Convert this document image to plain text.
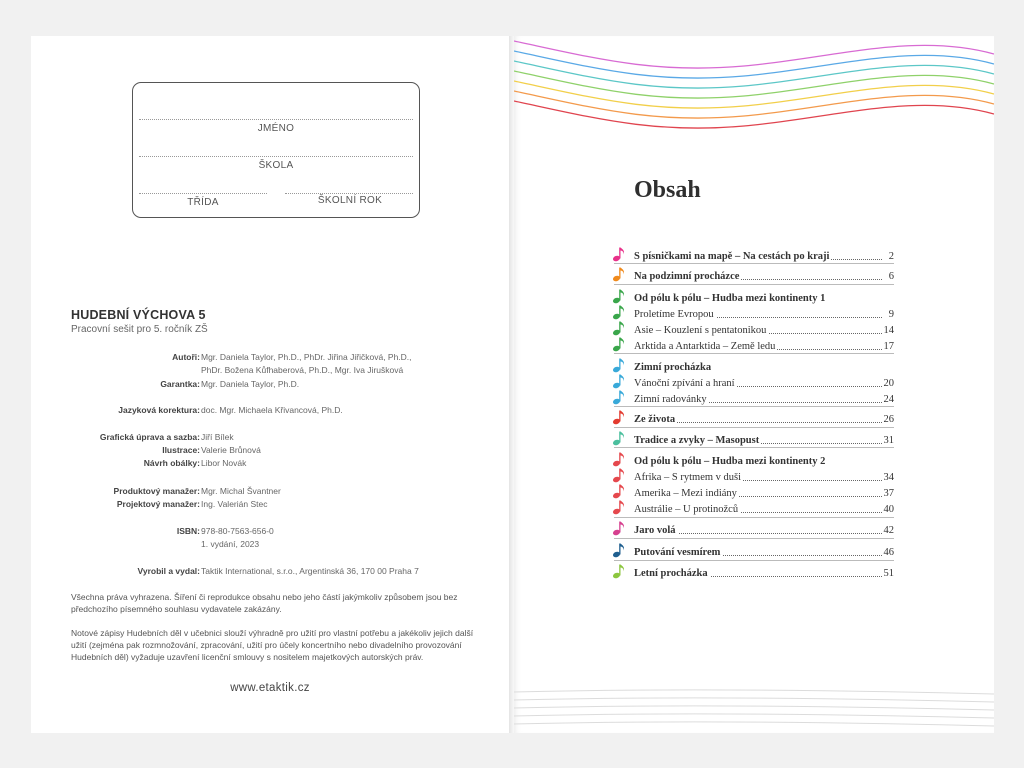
JMÉNO
ŠKOLA
TŘÍDA	ŠKOLNÍ ROK
HUDEBNÍ VÝCHOVA 5
Pracovní sešit pro 5. ročník ZŠ
Všechna práva vyhrazena. Šíření či reprodukce obsahu nebo jeho částí jakýmkoliv způsobem jsou bez předchozího písemného souhlasu vydavatele zakázány.
Notové zápisy Hudebních děl v učebnici slouží výhradně pro užití pro vlastní potřebu a jakékoliv jejich další užití (zejména pak rozmnožování, zpracování, užití pro účely koncertního nebo divadelního provozování Hudebních děl) vyžaduje uzavření licenční smlouvy s nositelem majetkových autorských práv.
www.etaktik.cz
Autoři: Mgr. Daniela Taylor, Ph.D., PhDr. Jiřina Jiřičková, Ph.D.,
PhDr. Božena Kůfhaberová, Ph.D., Mgr. Iva Jirušková
Garantka: Mgr. Daniela Taylor, Ph.D.
Jazyková korektura: doc. Mgr. Michaela Křivancová, Ph.D.
Grafická úprava a sazba: Jiří Bílek
Ilustrace: Valerie Brůnová
Návrh obálky: Libor Novák
Produktový manažer: Mgr. Michal Švantner
Projektový manažer: Ing. Valerián Stec
ISBN: 978-80-7563-656-0
1. vydání, 2023
Vyrobil a vydal: Taktik International, s.r.o., Argentinská 36, 170 00 Praha 7
Obsah
S písničkami na mapě – Na cestách po kraji	2
Na podzimní procházce	6
Od pólu k pólu – Hudba mezi kontinenty 1
Proletíme Evropou	9
Asie – Kouzlení s pentatonikou	14
Arktida a Antarktida – Země ledu	17
Zimní procházka
Vánoční zpívání a hraní	20
Zimní radovánky	24
Ze života	26
Tradice a zvyky – Masopust	31
Od pólu k pólu – Hudba mezi kontinenty 2
Afrika – S rytmem v duši	34
Amerika – Mezi indiány	37
Austrálie – U protinožců	40
Jaro volá	42
Putování vesmírem	46
Letní procházka	51
